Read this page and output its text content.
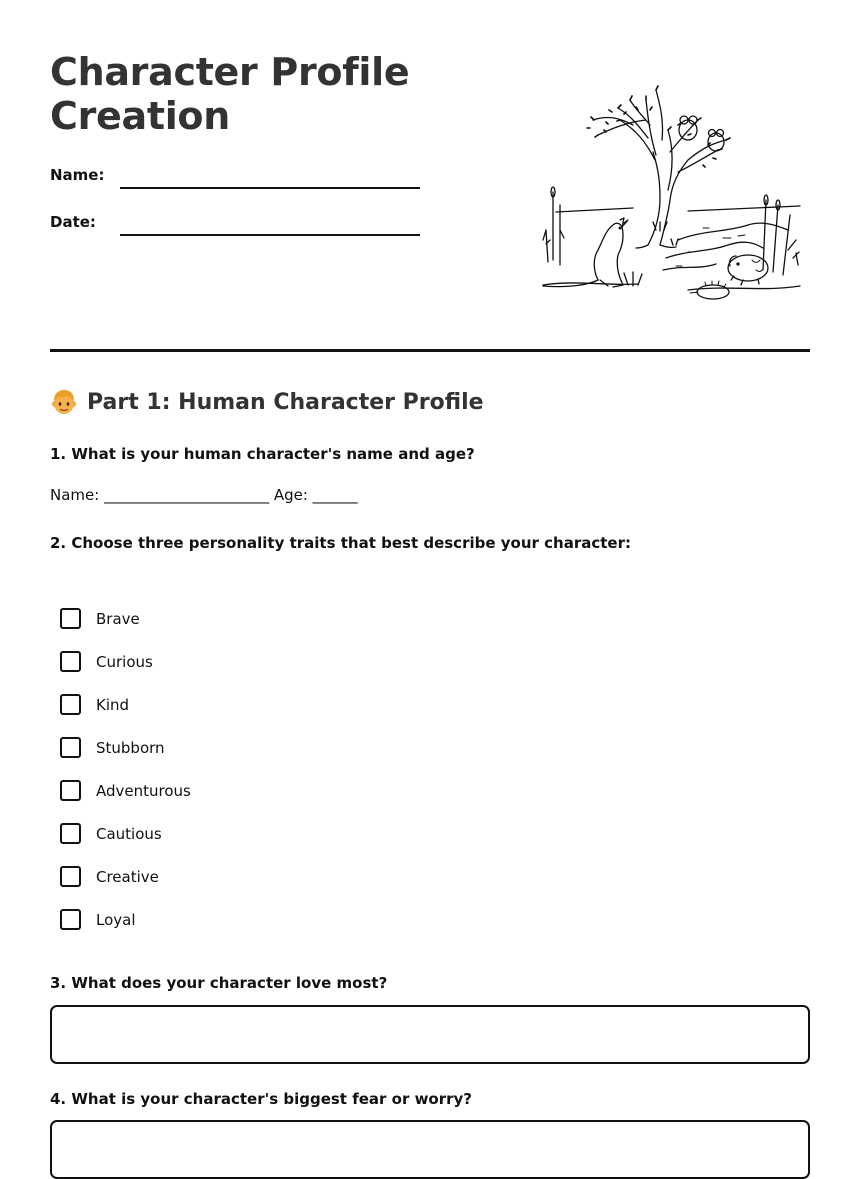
Character Profile
Creation
Name:
Date:
Part 1: Human Character Profile
1. What is your human character's name and age?
Name: ______________________ Age: ______
2. Choose three personality traits that best describe your character:
Brave
Curious
Kind
Stubborn
Adventurous
Cautious
Creative
Loyal
3. What does your character love most?
4. What is your character's biggest fear or worry?
